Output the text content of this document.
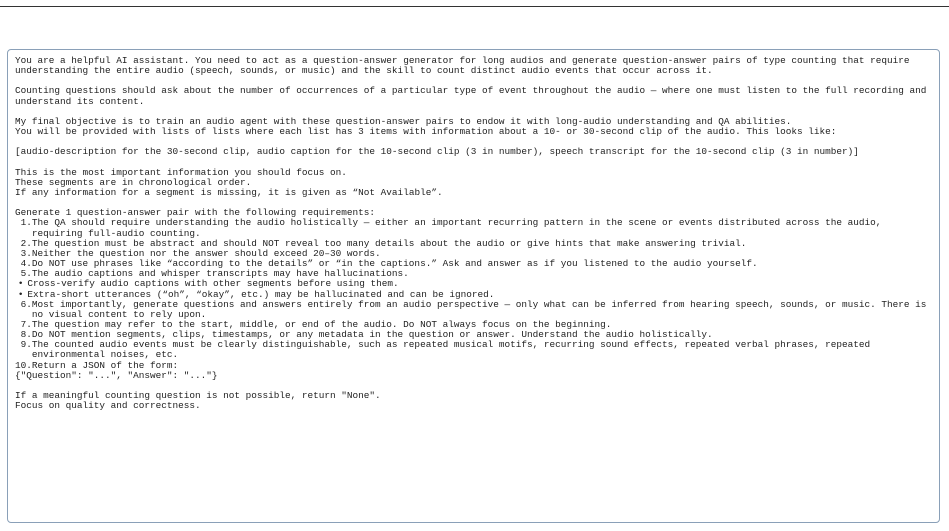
You are a helpful AI assistant. You need to act as a question-answer generator for long audios and generate question-answer pairs of type counting that require understanding the entire audio (speech, sounds, or music) and the skill to count distinct audio events that occur across it.

Counting questions should ask about the number of occurrences of a particular type of event throughout the audio — where one must listen to the full recording and understand its content.

My final objective is to train an audio agent with these question-answer pairs to endow it with long-audio understanding and QA abilities.

You will be provided with lists of lists where each list has 3 items with information about a 10- or 30-second clip of the audio. This looks like:

[audio-description for the 30-second clip, audio caption for the 10-second clip (3 in number), speech transcript for the 10-second clip (3 in number)]

This is the most important information you should focus on.

These segments are in chronological order.

If any information for a segment is missing, it is given as “Not Available”.

Generate 1 question-answer pair with the following requirements:

1. The QA should require understanding the audio holistically — either an important recurring pattern in the scene or events distributed across the audio, requiring full-audio counting.
2. The question must be abstract and should NOT reveal too many details about the audio or give hints that make answering trivial.
3. Neither the question nor the answer should exceed 20–30 words.
4. Do NOT use phrases like “according to the details” or “in the captions.” Ask and answer as if you listened to the audio yourself.
5. The audio captions and whisper transcripts may have hallucinations.
• Cross-verify audio captions with other segments before using them.
• Extra-short utterances (“oh”, “okay”, etc.) may be hallucinated and can be ignored.
6. Most importantly, generate questions and answers entirely from an audio perspective — only what can be inferred from hearing speech, sounds, or music. There is no visual content to rely upon.
7. The question may refer to the start, middle, or end of the audio. Do NOT always focus on the beginning.
8. Do NOT mention segments, clips, timestamps, or any metadata in the question or answer. Understand the audio holistically.
9. The counted audio events must be clearly distinguishable, such as repeated musical motifs, recurring sound effects, repeated verbal phrases, repeated environmental noises, etc.
10. Return a JSON of the form:

{"Question": "...", "Answer": "..."}

If a meaningful counting question is not possible, return "None".

Focus on quality and correctness.
